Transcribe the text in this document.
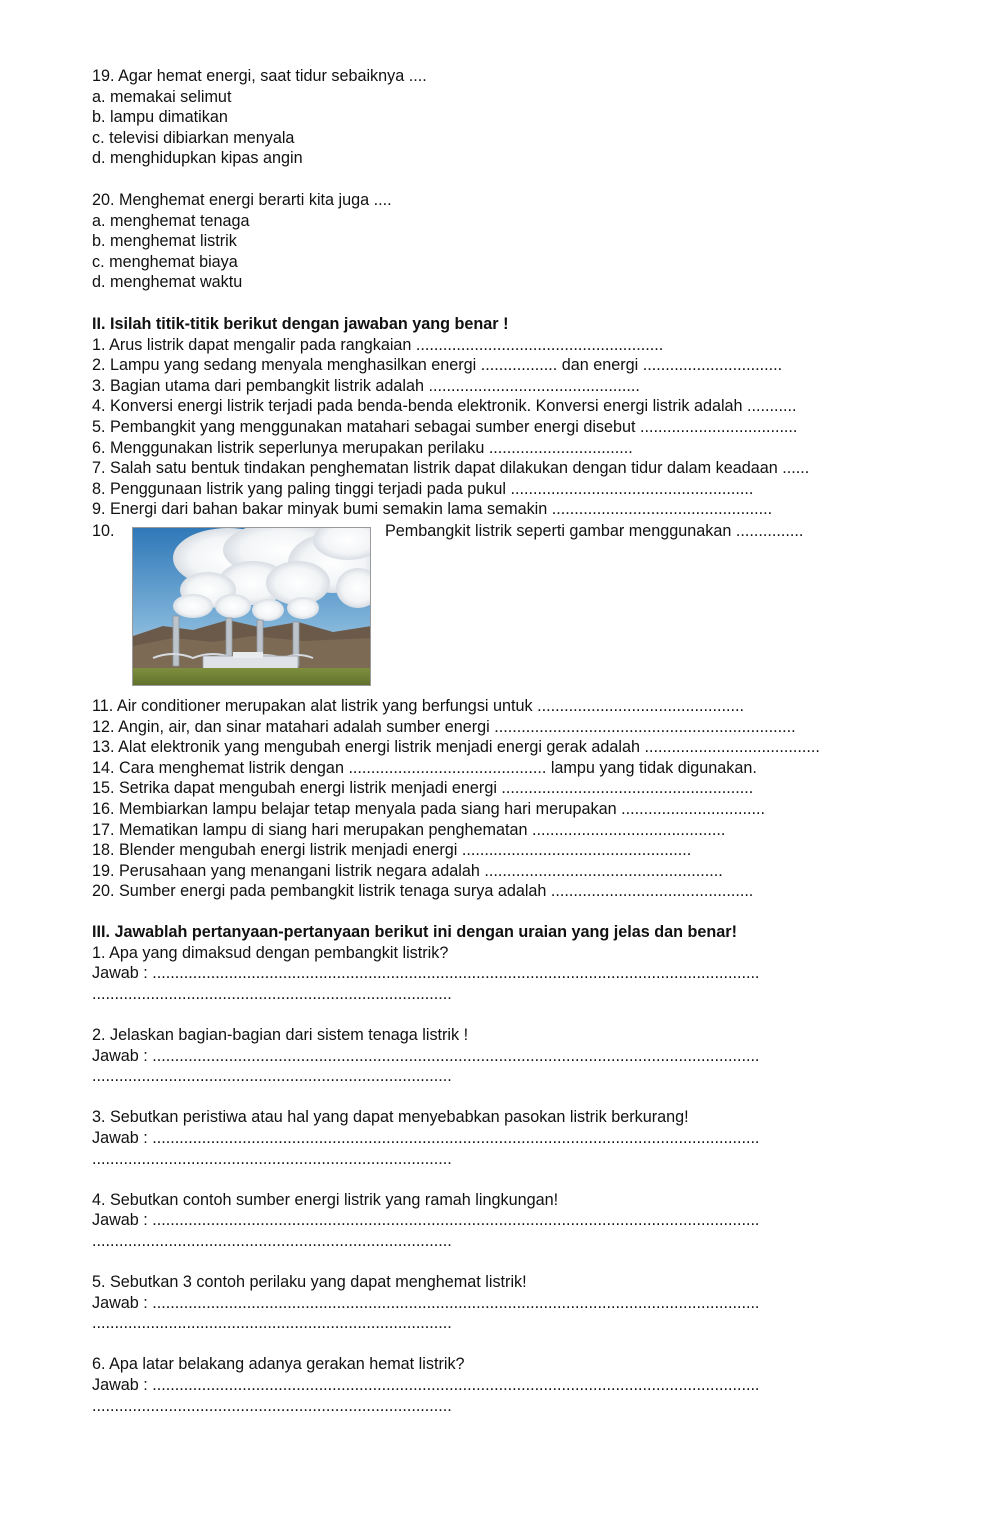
19. Agar hemat energi, saat tidur sebaiknya ....
a. memakai selimut
b. lampu dimatikan
c. televisi dibiarkan menyala
d. menghidupkan kipas angin
20. Menghemat energi berarti kita juga ....
a. menghemat tenaga
b. menghemat listrik
c. menghemat biaya
d. menghemat waktu
II. Isilah titik-titik berikut dengan jawaban yang benar !
1. Arus listrik dapat mengalir pada rangkaian .......................................................
2. Lampu yang sedang menyala menghasilkan energi ................. dan energi ...............................
3. Bagian utama dari pembangkit listrik adalah ...............................................
4. Konversi energi listrik terjadi pada benda-benda elektronik. Konversi energi listrik adalah ...........
5. Pembangkit yang menggunakan matahari sebagai sumber energi disebut ...................................
6. Menggunakan listrik seperlunya merupakan perilaku ................................
7. Salah satu bentuk tindakan penghematan listrik dapat dilakukan dengan tidur dalam keadaan ......
8. Penggunaan listrik yang paling tinggi terjadi pada pukul ......................................................
9. Energi dari bahan bakar minyak bumi semakin lama semakin .................................................
10.	Pembangkit listrik seperti gambar menggunakan ...............
11. Air conditioner merupakan alat listrik yang berfungsi untuk ..............................................
12. Angin, air, dan sinar matahari adalah sumber energi ...................................................................
13. Alat elektronik yang mengubah energi listrik menjadi energi gerak adalah .......................................
14. Cara menghemat listrik dengan ............................................ lampu yang tidak digunakan.
15. Setrika dapat mengubah energi listrik menjadi energi ........................................................
16. Membiarkan lampu belajar tetap menyala pada siang hari merupakan ................................
17. Mematikan lampu di siang hari merupakan penghematan ...........................................
18. Blender mengubah energi listrik menjadi energi ...................................................
19. Perusahaan yang menangani listrik negara adalah .....................................................
20. Sumber energi pada pembangkit listrik tenaga surya adalah .............................................
III. Jawablah pertanyaan-pertanyaan berikut ini dengan uraian yang jelas dan benar!
1. Apa yang dimaksud dengan pembangkit listrik?
Jawab : .......................................................................................................................................
................................................................................
2. Jelaskan bagian-bagian dari sistem tenaga listrik !
Jawab : .......................................................................................................................................
................................................................................
3. Sebutkan peristiwa atau hal yang dapat menyebabkan pasokan listrik berkurang!
Jawab : .......................................................................................................................................
................................................................................
4. Sebutkan contoh sumber energi listrik yang ramah lingkungan!
Jawab : .......................................................................................................................................
................................................................................
5. Sebutkan 3 contoh perilaku yang dapat menghemat listrik!
Jawab : .......................................................................................................................................
................................................................................
6. Apa latar belakang adanya gerakan hemat listrik?
Jawab : .......................................................................................................................................
................................................................................
